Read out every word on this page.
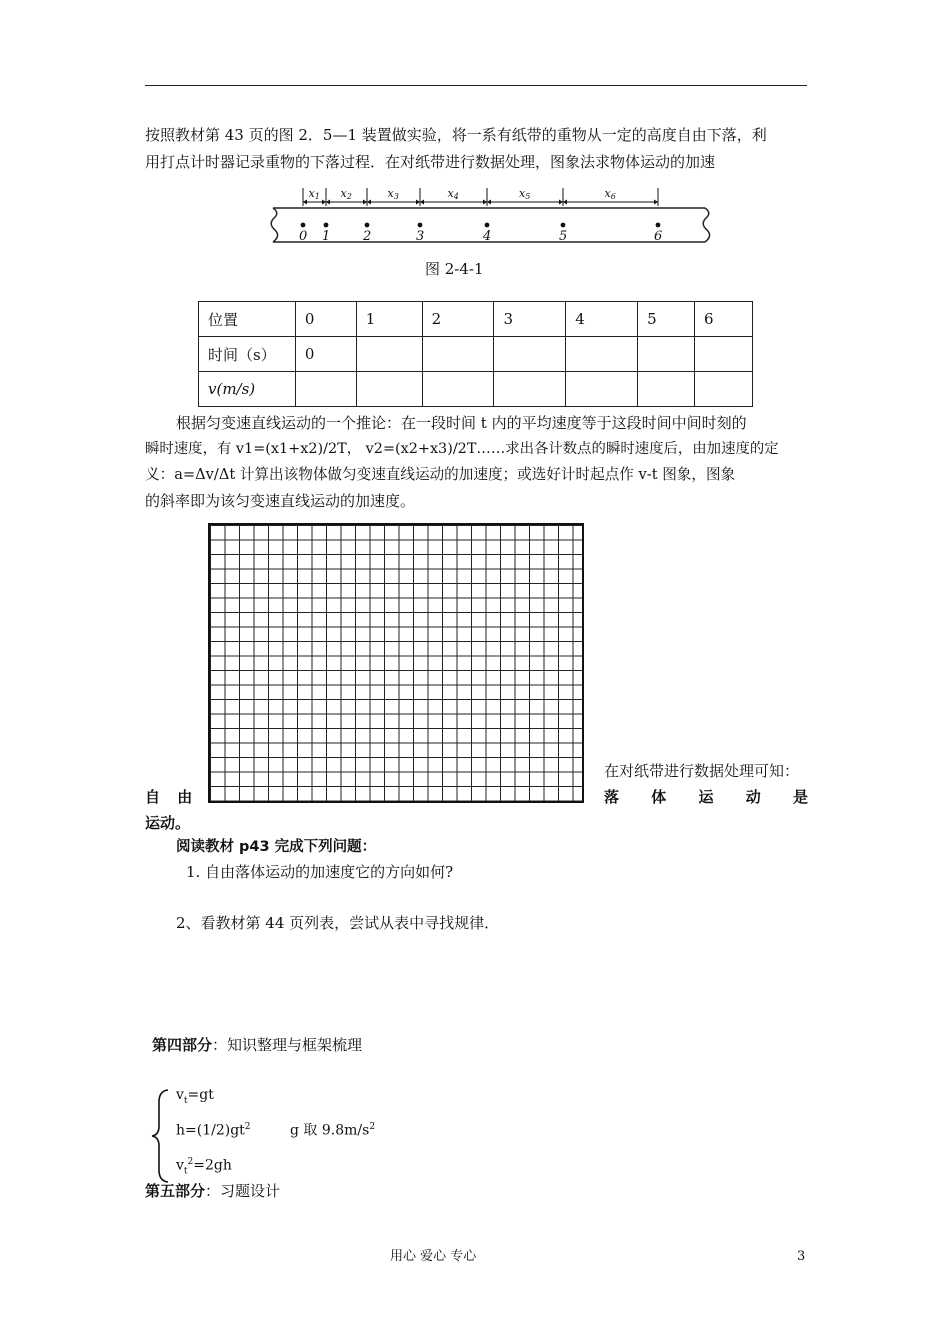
按照教材第 43 页的图 2．5—1 装置做实验，将一系有纸带的重物从一定的高度自由下落，利
用打点计时器记录重物的下落过程．在对纸带进行数据处理，图象法求物体运动的加速
0 1	2	3	4	5	6
x1 x2	x3	x4	x5	x6
图 2-4-1
位置	0	1	2	3	4	5	6
时间（s）	0						
v(m/s)							
根据匀变速直线运动的一个推论：在一段时间 t 内的平均速度等于这段时间中间时刻的
瞬时速度，有 v1=(x1+x2)/2T， v2=(x2+x3)/2T……求出各计数点的瞬时速度后，由加速度的定
义：a=Δv/Δt 计算出该物体做匀变速直线运动的加速度；或选好计时起点作 v-t 图象，图象
的斜率即为该匀变速直线运动的加速度。
在对纸带进行数据处理可知：
自 由	落 体 运 动 是
运动。
阅读教材 p43 完成下列问题：
1. 自由落体运动的加速度它的方向如何?
2、看教材第 44 页列表，尝试从表中寻找规律．
第四部分：知识整理与框架梳理
$v_t=gt$
$h=(1/2)gt^2$	g 取 $9.8m/s^2$
$v_t^2=2gh$
第五部分：习题设计
用心 爱心 专心	3
